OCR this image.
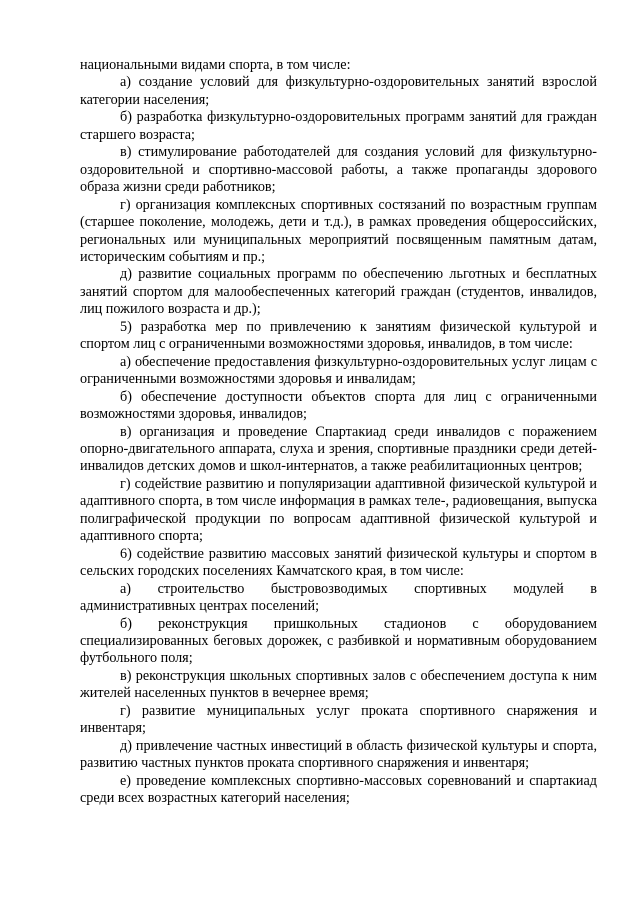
национальными видами спорта, в том числе:

а) создание условий для физкультурно-оздоровительных занятий взрослой категории населения;

б) разработка физкультурно-оздоровительных программ занятий для граждан старшего возраста;

в) стимулирование работодателей для создания условий для физкультурно-оздоровительной и спортивно-массовой работы, а также пропаганды здорового образа жизни среди работников;

г) организация комплексных спортивных состязаний по возрастным группам (старшее поколение, молодежь, дети и т.д.), в рамках проведения общероссийских, региональных или муниципальных мероприятий посвященным памятным датам, историческим событиям и пр.;

д) развитие социальных программ по обеспечению льготных и бесплатных занятий спортом для малообеспеченных категорий граждан (студентов, инвалидов, лиц пожилого возраста и др.);

5) разработка мер по привлечению к занятиям физической культурой и спортом лиц с ограниченными возможностями здоровья, инвалидов, в том числе:

а) обеспечение предоставления физкультурно-оздоровительных услуг лицам с ограниченными возможностями здоровья и инвалидам;

б) обеспечение доступности объектов спорта для лиц с ограниченными возможностями здоровья, инвалидов;

в) организация и проведение Спартакиад среди инвалидов с поражением опорно-двигательного аппарата, слуха и зрения, спортивные праздники среди детей-инвалидов детских домов и школ-интернатов, а также реабилитационных центров;

г) содействие развитию и популяризации адаптивной физической культурой и адаптивного спорта, в том числе информация в рамках теле-, радиовещания, выпуска полиграфической продукции по вопросам адаптивной физической культурой и адаптивного спорта;

6) содействие развитию массовых занятий физической культуры и спортом в сельских городских поселениях Камчатского края, в том числе:

а) строительство быстровозводимых спортивных модулей в административных центрах поселений;

б) реконструкция пришкольных стадионов с оборудованием специализированных беговых дорожек, с разбивкой и нормативным оборудованием футбольного поля;

в) реконструкция школьных спортивных залов с обеспечением доступа к ним жителей населенных пунктов в вечернее время;

г) развитие муниципальных услуг проката спортивного снаряжения и инвентаря;

д) привлечение частных инвестиций в область физической культуры и спорта, развитию частных пунктов проката спортивного снаряжения и инвентаря;

е) проведение комплексных спортивно-массовых соревнований и спартакиад среди всех возрастных категорий населения;
